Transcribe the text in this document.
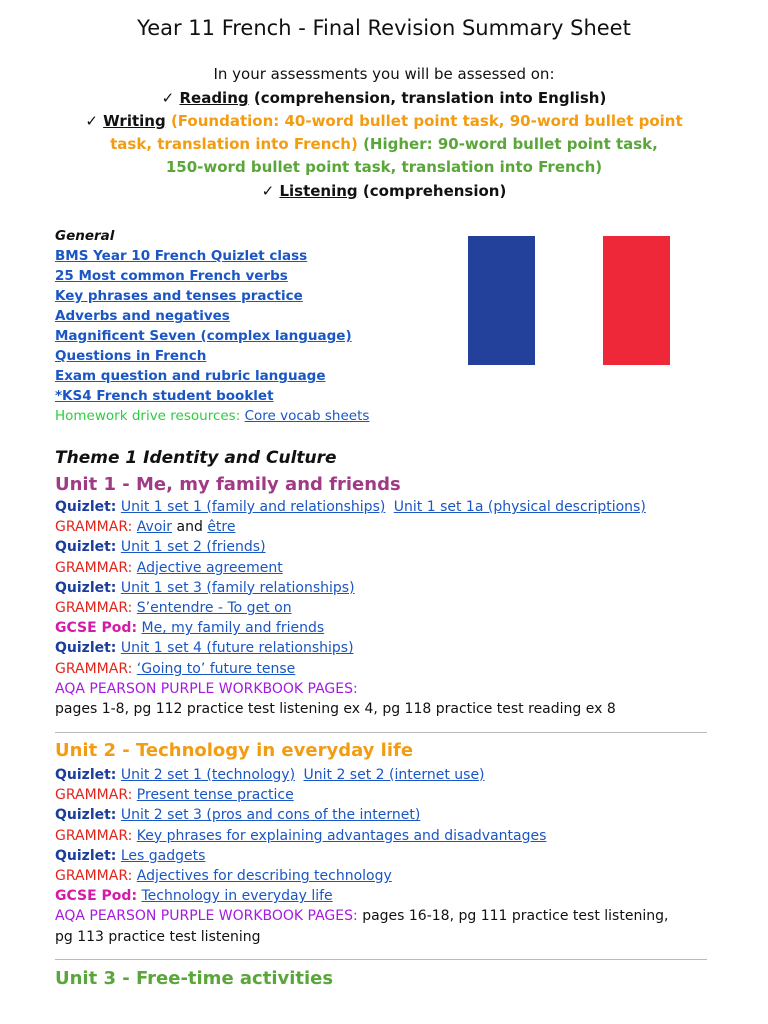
Year 11 French - Final Revision Summary Sheet
In your assessments you will be assessed on:
✓ Reading (comprehension, translation into English)
✓ Writing (Foundation: 40-word bullet point task, 90-word bullet point
task, translation into French) (Higher: 90-word bullet point task,
150-word bullet point task, translation into French)
✓ Listening (comprehension)
General
BMS Year 10 French Quizlet class
25 Most common French verbs
Key phrases and tenses practice
Adverbs and negatives
Magnificent Seven (complex language)
Questions in French
Exam question and rubric language
*KS4 French student booklet
Homework drive resources: Core vocab sheets
Theme 1 Identity and Culture
Unit 1 - Me, my family and friends
Quizlet: Unit 1 set 1 (family and relationships) Unit 1 set 1a (physical descriptions)
GRAMMAR: Avoir and être
Quizlet: Unit 1 set 2 (friends)
GRAMMAR: Adjective agreement
Quizlet: Unit 1 set 3 (family relationships)
GRAMMAR: S’entendre - To get on
GCSE Pod: Me, my family and friends
Quizlet: Unit 1 set 4 (future relationships)
GRAMMAR: ‘Going to’ future tense
AQA PEARSON PURPLE WORKBOOK PAGES:
pages 1-8, pg 112 practice test listening ex 4, pg 118 practice test reading ex 8
Unit 2 - Technology in everyday life
Quizlet: Unit 2 set 1 (technology) Unit 2 set 2 (internet use)
GRAMMAR: Present tense practice
Quizlet: Unit 2 set 3 (pros and cons of the internet)
GRAMMAR: Key phrases for explaining advantages and disadvantages
Quizlet: Les gadgets
GRAMMAR: Adjectives for describing technology
GCSE Pod: Technology in everyday life
AQA PEARSON PURPLE WORKBOOK PAGES: pages 16-18, pg 111 practice test listening,
pg 113 practice test listening
Unit 3 - Free-time activities
